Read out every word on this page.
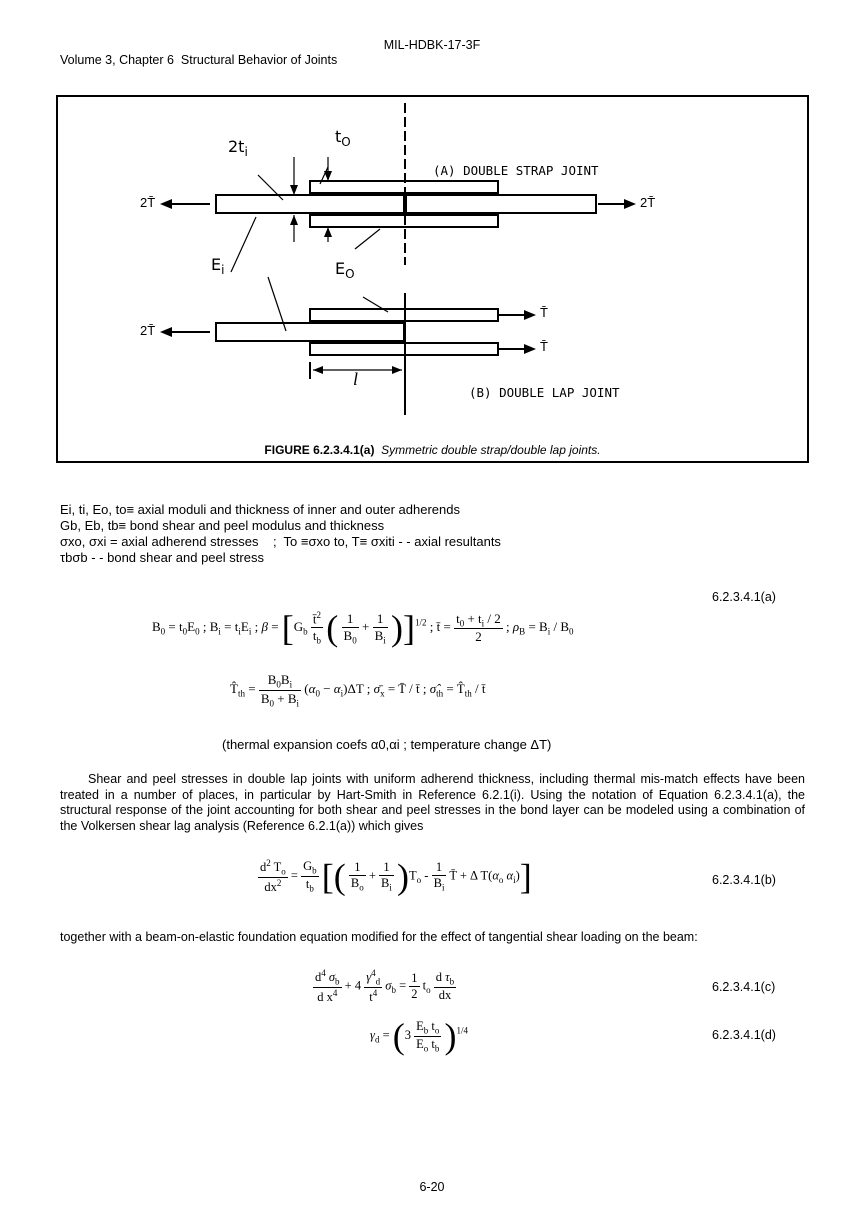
MIL-HDBK-17-3F
Volume 3, Chapter 6  Structural Behavior of Joints
(A) DOUBLE STRAP JOINT
(B) DOUBLE LAP JOINT
$2t_i$
$t_O$
$E_i$	$E_O$
2T̄	2T̄
2T̄
T̄
T̄
l
FIGURE 6.2.3.4.1(a) Symmetric double strap/double lap joints.
Ei, ti, Eo, to≡ axial moduli and thickness of inner and outer adherends
Gb, Eb, tb≡ bond shear and peel modulus and thickness
σxo, σxi = axial adherend stresses    ;  To ≡σxo to, T≡ σxiti - - axial resultants
τbσb - - bond shear and peel stress
6.2.3.4.1(a)
$B_0 = t_0E_0$ ; $B_i = t_iE_i$ ; $\beta = [G_b \frac{t̄^2}{t_b}$ ( $\frac{1}{B_0} + \frac{1}{B_i} )]^{1/2}$ ; t̄ = $\frac{t_0 + t_i / 2}{2}$ ; $\rho_B = B_i / B_0$
$T̂_{th} = \frac{B_0B_i}{B_0 + B_i} (\alpha_0 - \alpha_i)\Delta T$ ; $\sigmā_x$ = T̄ / t̄ ; $\sigmâ_{th}$ = $T̂_{th}$ / t̄
(thermal expansion coefs α0,αi ; temperature change ΔT)
Shear and peel stresses in double lap joints with uniform adherend thickness, including thermal mis-match effects have been treated in a number of places, in particular by Hart-Smith in Reference 6.2.1(i). Using the notation of Equation 6.2.3.4.1(a), the structural response of the joint accounting for both shear and peel stresses in the bond layer can be modeled using a combination of the Volkersen shear lag analysis (Reference 6.2.1(a)) which gives
$\frac{d^2 T_o}{dx^2} = \frac{G_b}{t_b}$ [( $\frac{1}{B_o} + \frac{1}{B_i} )T_o - \frac{1}{B_i}$ T̄ + Δ $T(\alpha_o$ $\alpha_i$)]	6.2.3.4.1(b)
together with a beam-on-elastic foundation equation modified for the effect of tangential shear loading on the beam:
$\frac{d^4 \sigma_b}{d x^4} + 4 \frac{\gamma^4_d}{t^4} \sigma_b = \frac{1}{2} t_o \frac{d \tau_b}{dx}$	6.2.3.4.1(c)
$\gamma_d = (3 \frac{E_b t_o}{E_o t_b} )^{1/4}$	6.2.3.4.1(d)
6-20
